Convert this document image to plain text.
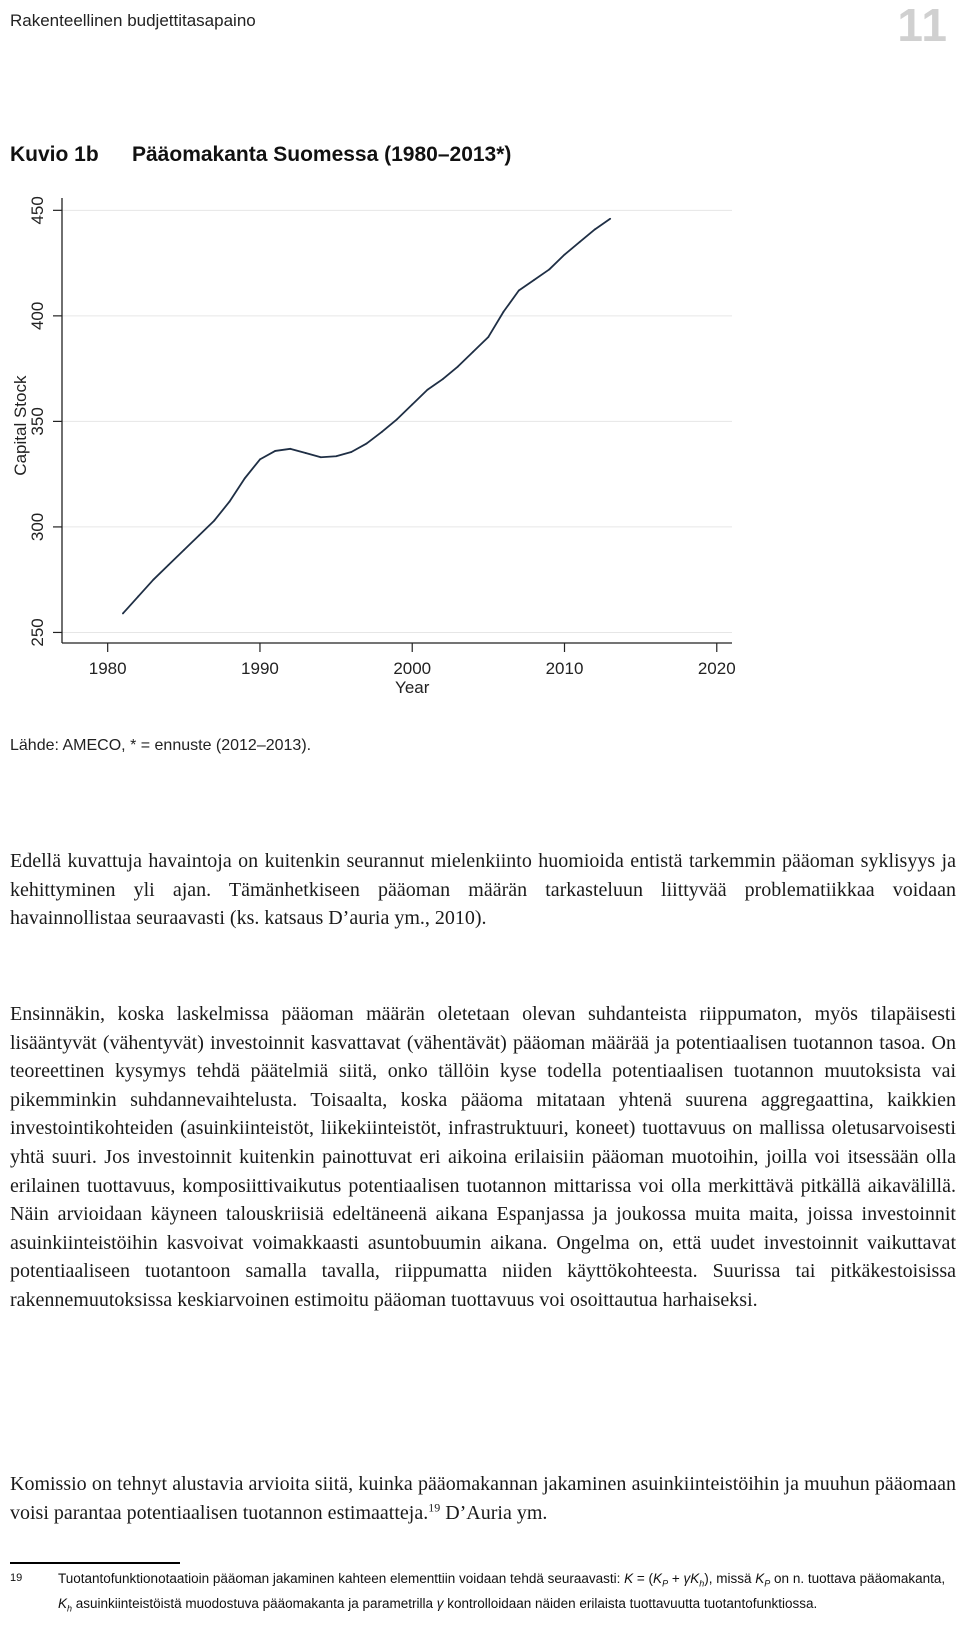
Rakenteellinen budjettitasapaino	11
Kuvio 1b Pääomakanta Suomessa (1980–2013*)
250
300
350
400
450
1980	1990	2000	2010	2020
Year
Capital Stock
Lähde: AMECO, * = ennuste (2012–2013).

Edellä kuvattuja havaintoja on kuitenkin seurannut mielenkiinto huomioida entistä tarkemmin pääoman syklisyys ja kehittyminen yli ajan. Tämänhetkiseen pääoman määrän tarkasteluun liittyvää problematiikkaa voidaan havainnollistaa seuraavasti (ks. katsaus D’auria ym., 2010).

Ensinnäkin, koska laskelmissa pääoman määrän oletetaan olevan suhdanteista riippumaton, myös tilapäisesti lisääntyvät (vähentyvät) investoinnit kasvattavat (vähentävät) pääoman määrää ja potentiaalisen tuotannon tasoa. On teoreettinen kysymys tehdä päätelmiä siitä, onko tällöin kyse todella potentiaalisen tuotannon muutoksista vai pikemminkin suhdannevaihtelusta. Toisaalta, koska pääoma mitataan yhtenä suurena aggregaattina, kaikkien investointikohteiden (asuinkiinteistöt, liikekiinteistöt, infrastruktuuri, koneet) tuottavuus on mallissa oletusarvoisesti yhtä suuri. Jos investoinnit kuitenkin painottuvat eri aikoina erilaisiin pääoman muotoihin, joilla voi itsessään olla erilainen tuottavuus, komposiittivaikutus potentiaalisen tuotannon mittarissa voi olla merkittävä pitkällä aikavälillä. Näin arvioidaan käyneen talouskriisiä edeltäneenä aikana Espanjassa ja joukossa muita maita, joissa investoinnit asuinkiinteistöihin kasvoivat voimakkaasti asuntobuumin aikana. Ongelma on, että uudet investoinnit vaikuttavat potentiaaliseen tuotantoon samalla tavalla, riippumatta niiden käyttökohteesta. Suurissa tai pitkäkestoisissa rakennemuutoksissa keskiarvoinen estimoitu pääoman tuottavuus voi osoittautua harhaiseksi.

Komissio on tehnyt alustavia arvioita siitä, kuinka pääomakannan jakaminen asuinkiinteistöihin ja muuhun pääomaan voisi parantaa potentiaalisen tuotannon estimaatteja.$^{19}$ D’Auria ym.

19	Tuotantofunktionotaatioin pääoman jakaminen kahteen elementtiin voidaan tehdä seuraavasti: $K = (K_P + \gamma K_h)$, missä $K_P$ on n. tuottava pääomakanta, $K_h$ asuinkiinteistöistä muodostuva pääomakanta ja parametrilla γ kontrolloidaan näiden erilaista tuottavuutta tuotantofunktiossa.
